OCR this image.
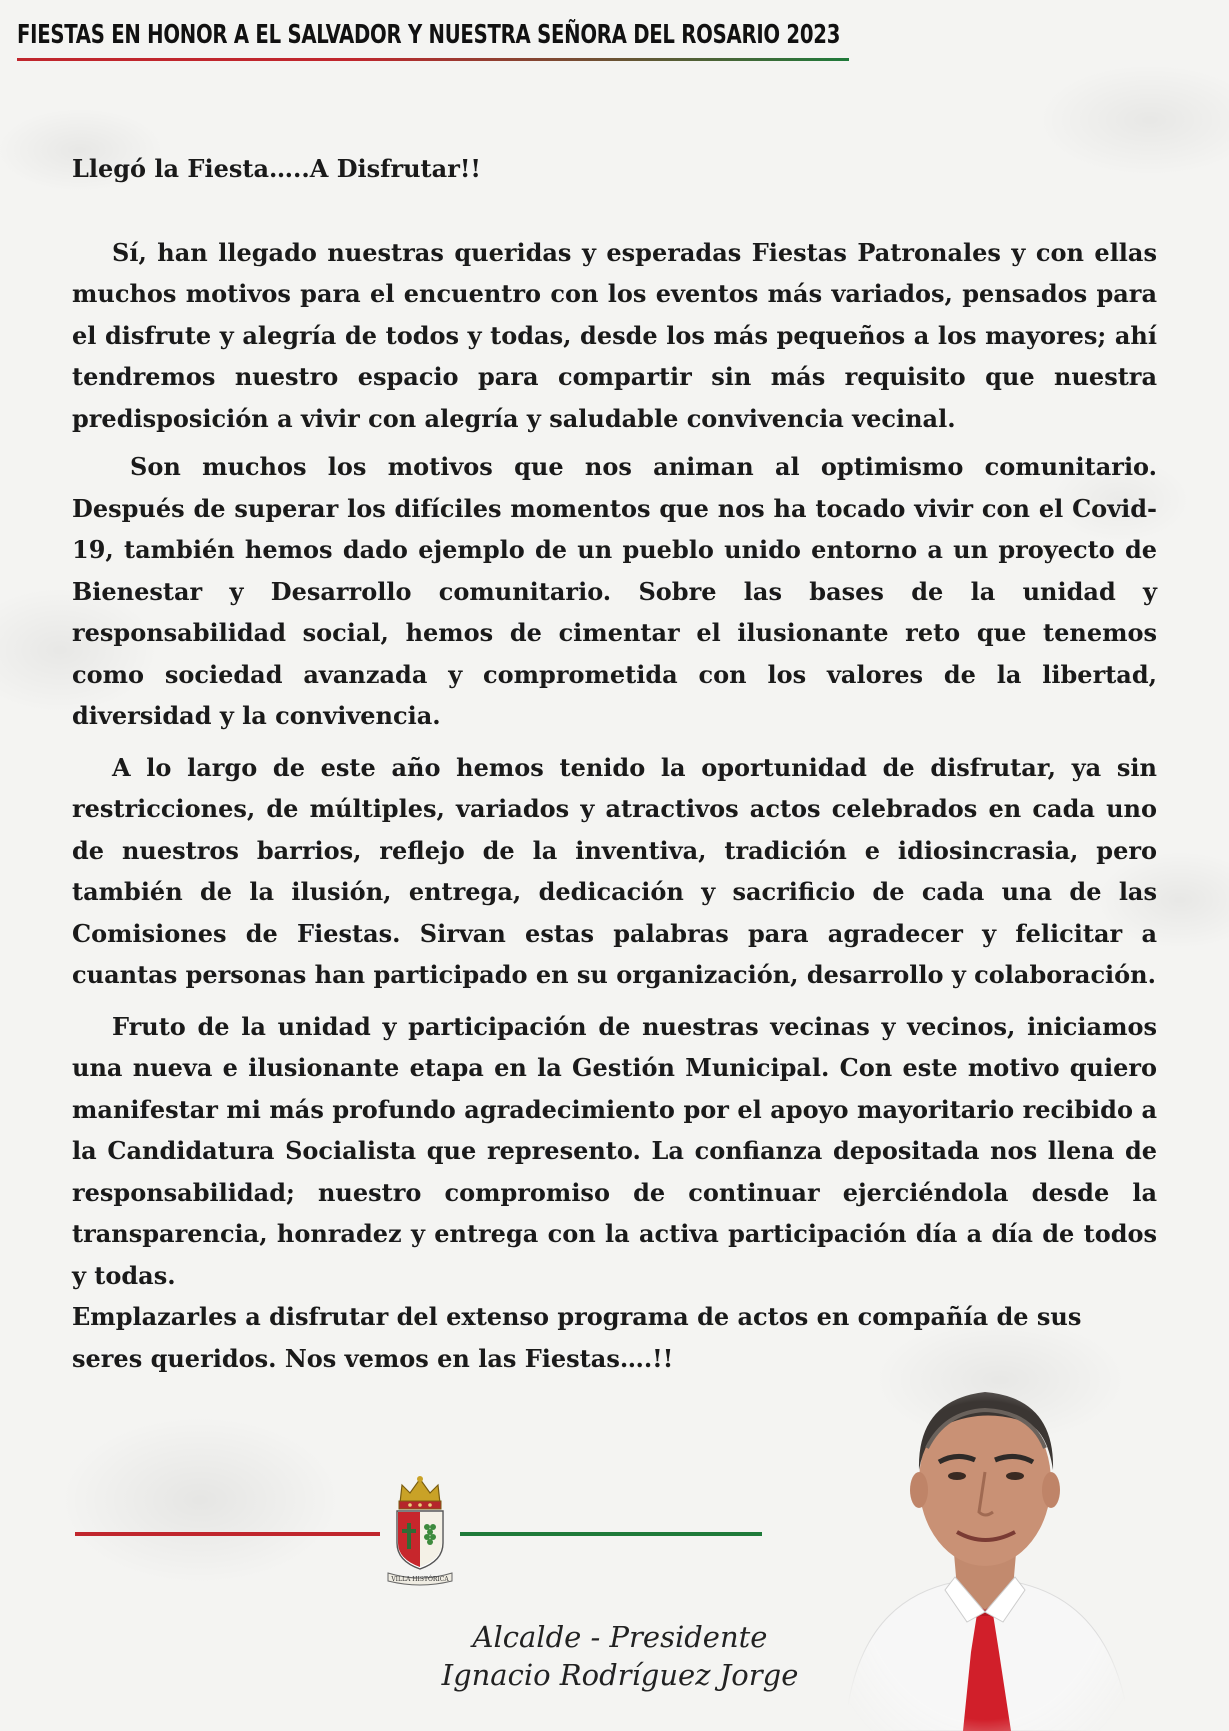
FIESTAS EN HONOR A EL SALVADOR Y NUESTRA SEÑORA DEL ROSARIO 2023
Llegó la Fiesta…..A Disfrutar!!

Sí, han llegado nuestras queridas y esperadas Fiestas Patronales y con ellas muchos motivos para el encuentro con los eventos más variados, pensados para el disfrute y alegría de todos y todas, desde los más pequeños a los mayores; ahí tendremos nuestro espacio para compartir sin más requisito que nuestra predisposición a vivir con alegría y saludable convivencia vecinal.

Son muchos los motivos que nos animan al optimismo comunitario. Después de superar los difíciles momentos que nos ha tocado vivir con el Covid-19, también hemos dado ejemplo de un pueblo unido entorno a un proyecto de Bienestar y Desarrollo comunitario. Sobre las bases de la unidad y responsabilidad social, hemos de cimentar el ilusionante reto que tenemos como sociedad avanzada y comprometida con los valores de la libertad, diversidad y la convivencia.

A lo largo de este año hemos tenido la oportunidad de disfrutar, ya sin restricciones, de múltiples, variados y atractivos actos celebrados en cada uno de nuestros barrios, reflejo de la inventiva, tradición e idiosincrasia, pero también de la ilusión, entrega, dedicación y sacrificio de cada una de las Comisiones de Fiestas. Sirvan estas palabras para agradecer y felicitar a cuantas personas han participado en su organización, desarrollo y colaboración.

Fruto de la unidad y participación de nuestras vecinas y vecinos, iniciamos una nueva e ilusionante etapa en la Gestión Municipal. Con este motivo quiero manifestar mi más profundo agradecimiento por el apoyo mayoritario recibido a la Candidatura Socialista que represento. La confianza depositada nos llena de responsabilidad; nuestro compromiso de continuar ejerciéndola desde la transparencia, honradez y entrega con la activa participación día a día de todos y todas.

Emplazarles a disfrutar del extenso programa de actos en compañía de sus seres queridos. Nos vemos en las Fiestas….!!

VILLA HISTÓRICA
Alcalde - Presidente
Ignacio Rodríguez Jorge
